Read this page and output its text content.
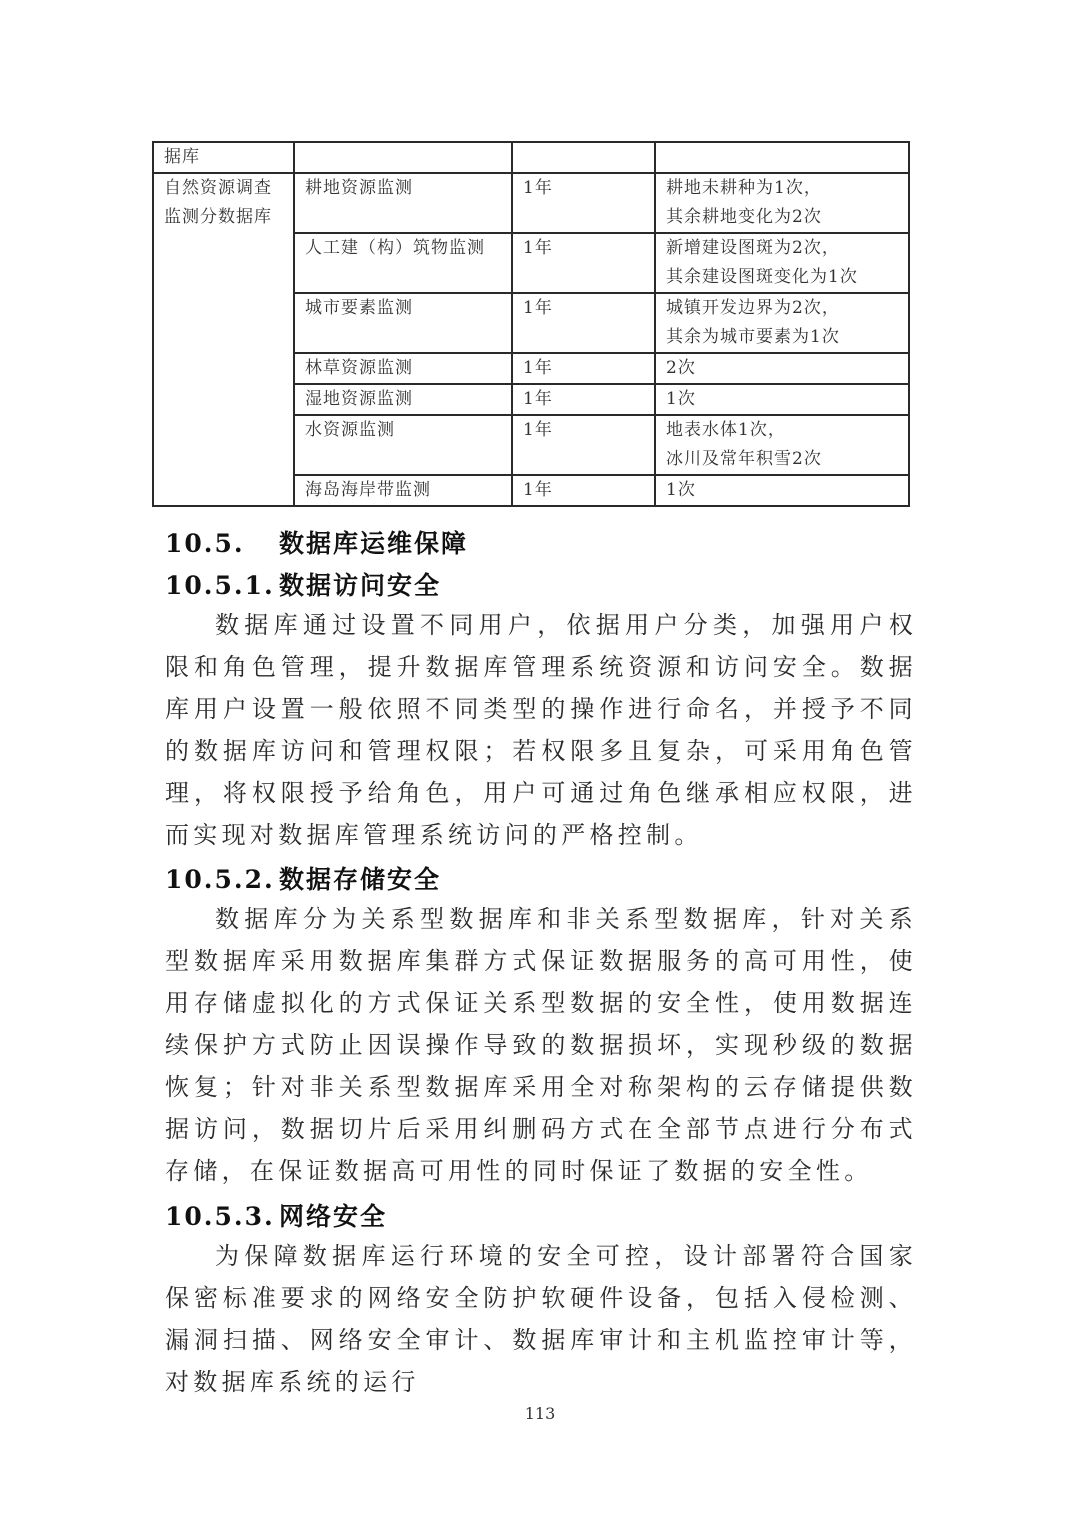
据库			
自然资源调查监测分数据库	耕地资源监测	1年	耕地未耕种为1次，
其余耕地变化为2次

	人工建（构）筑物监测	1年	新增建设图斑为2次，
其余建设图斑变化为1次

	城市要素监测	1年	城镇开发边界为2次，
其余为城市要素为1次

	林草资源监测	1年	2次
	湿地资源监测	1年	1次
	水资源监测	1年	地表水体1次，
冰川及常年积雪2次

	海岛海岸带监测	1年	1次
10.5. 数据库运维保障
10.5.1. 数据访问安全

数据库通过设置不同用户，依据用户分类，加强用户权限和角色管理，提升数据库管理系统资源和访问安全。数据库用户设置一般依照不同类型的操作进行命名，并授予不同的数据库访问和管理权限；若权限多且复杂，可采用角色管理，将权限授予给角色，用户可通过角色继承相应权限，进而实现对数据库管理系统访问的严格控制。

10.5.2. 数据存储安全

数据库分为关系型数据库和非关系型数据库，针对关系型数据库采用数据库集群方式保证数据服务的高可用性，使用存储虚拟化的方式保证关系型数据的安全性，使用数据连续保护方式防止因误操作导致的数据损坏，实现秒级的数据恢复；针对非关系型数据库采用全对称架构的云存储提供数据访问，数据切片后采用纠删码方式在全部节点进行分布式存储，在保证数据高可用性的同时保证了数据的安全性。

10.5.3. 网络安全

为保障数据库运行环境的安全可控，设计部署符合国家保密标准要求的网络安全防护软硬件设备，包括入侵检测、漏洞扫描、网络安全审计、数据库审计和主机监控审计等，对数据库系统的运行

113
